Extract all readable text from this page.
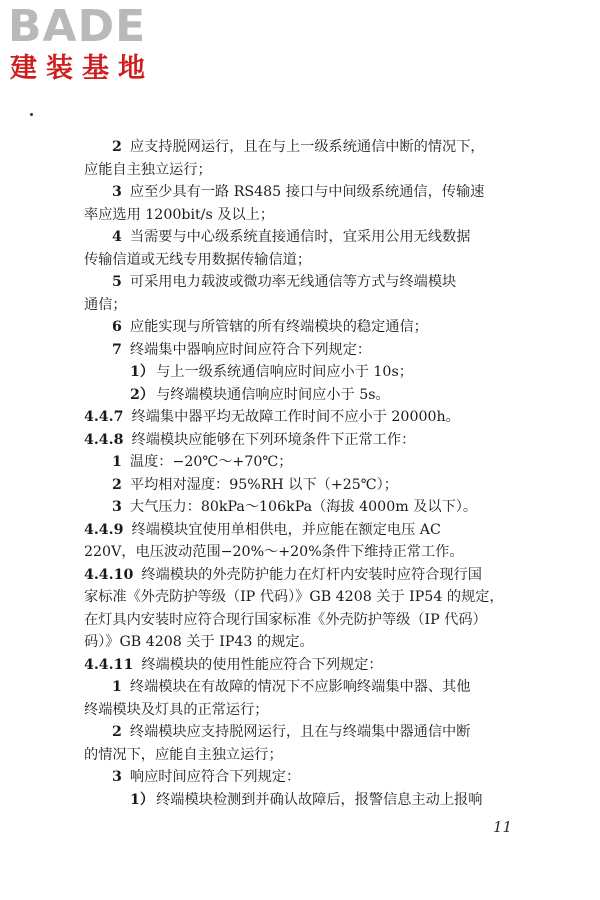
BADE
建装基地

2 应支持脱网运行，且在与上一级系统通信中断的情况下，

应能自主独立运行；

3 应至少具有一路 RS485 接口与中间级系统通信，传输速

率应选用 1200bit/s 及以上；

4 当需要与中心级系统直接通信时，宜采用公用无线数据

传输信道或无线专用数据传输信道；

5 可采用电力载波或微功率无线通信等方式与终端模块

通信；

6 应能实现与所管辖的所有终端模块的稳定通信；

7 终端集中器响应时间应符合下列规定：

1） 与上一级系统通信响应时间应小于 10s；

2） 与终端模块通信响应时间应小于 5s。

4.4.7 终端集中器平均无故障工作时间不应小于 20000h。

4.4.8 终端模块应能够在下列环境条件下正常工作：

1 温度：−20℃～+70℃；

2 平均相对湿度：95%RH 以下（+25℃）；

3 大气压力：80kPa～106kPa（海拔 4000m 及以下）。

4.4.9 终端模块宜使用单相供电，并应能在额定电压 AC

220V，电压波动范围−20%～+20%条件下维持正常工作。

4.4.10 终端模块的外壳防护能力在灯杆内安装时应符合现行国

家标准《外壳防护等级（IP 代码）》GB 4208 关于 IP54 的规定，

在灯具内安装时应符合现行国家标准《外壳防护等级（IP 代码）

码）》GB 4208 关于 IP43 的规定。

4.4.11 终端模块的使用性能应符合下列规定：

1 终端模块在有故障的情况下不应影响终端集中器、其他

终端模块及灯具的正常运行；

2 终端模块应支持脱网运行，且在与终端集中器通信中断

的情况下，应能自主独立运行；

3 响应时间应符合下列规定：

1） 终端模块检测到并确认故障后，报警信息主动上报响

11
